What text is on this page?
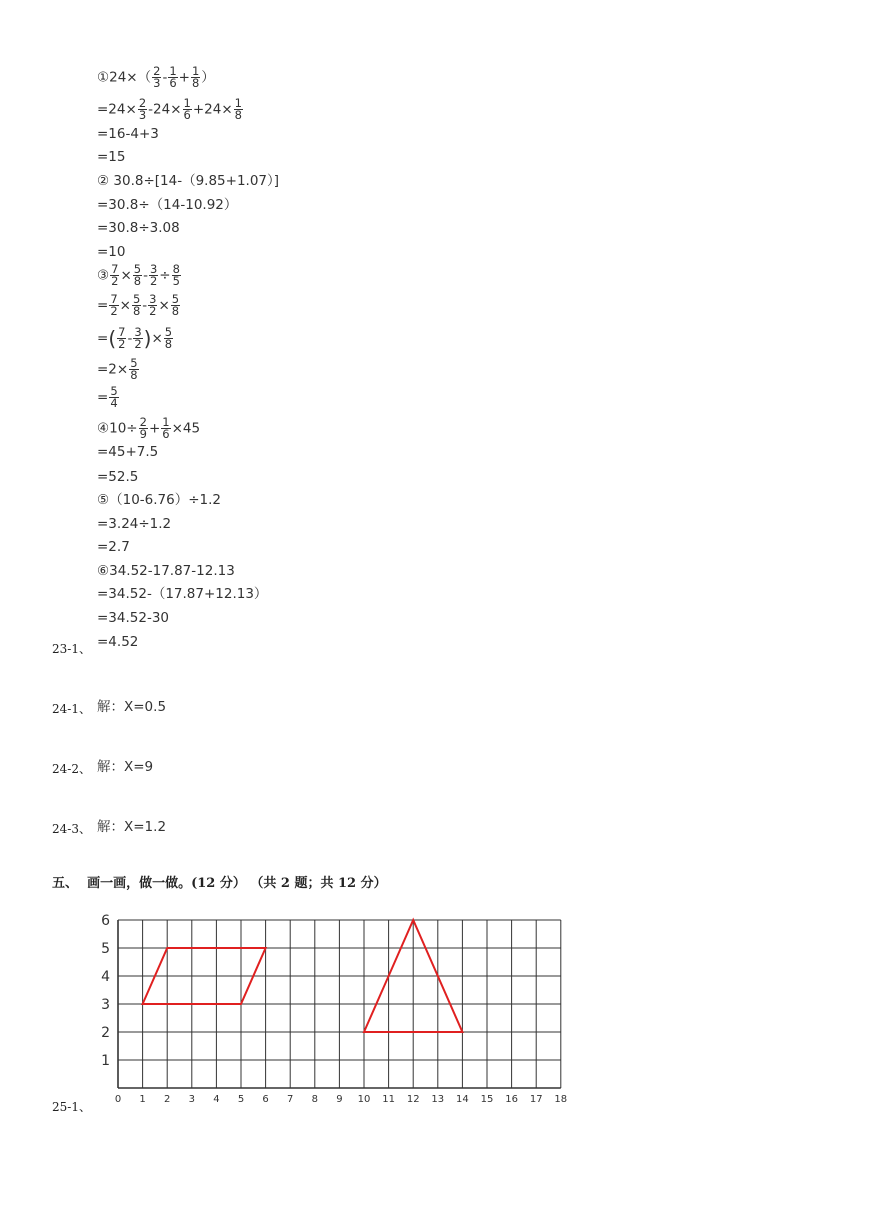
①24×（ $\frac{2}{3} - \frac{1}{6} + \frac{1}{8}$ ）
$=24\times \frac{2}{3} -24\times \frac{1}{6} +24\times \frac{1}{8}$
=16-4+3
=15
② 30.8÷[14-（9.85+1.07）]
=30.8÷（14-10.92）
=30.8÷3.08
=10
③ $\frac{7}{2} \times \frac{5}{8} - \frac{3}{2} \div \frac{8}{5}$
= $\frac{7}{2} \times \frac{5}{8} - \frac{3}{2} \times \frac{5}{8}$
=( $\frac{7}{2} - \frac{3}{2}$ )× $\frac{5}{8}$
$=2\times \frac{5}{8}$
= $\frac{5}{4}$
④10÷ $\frac{2}{9} + \frac{1}{6} \times 45$
=45+7.5
=52.5
⑤（10-6.76）÷1.2
=3.24÷1.2
=2.7
⑥34.52-17.87-12.13
=34.52-（17.87+12.13）
=34.52-30
=4.52
23-1、
24-1、 解：X=0.5
24-2、 解：X=9
24-3、 解：X=1.2
五、 画一画，做一做。(12 分） （共 2 题；共 12 分）
0 1 2 3 4 5 6 7 8 9 10 11 12 13 14 15 16 17 18
1
2
3
4
5
6
25-1、
